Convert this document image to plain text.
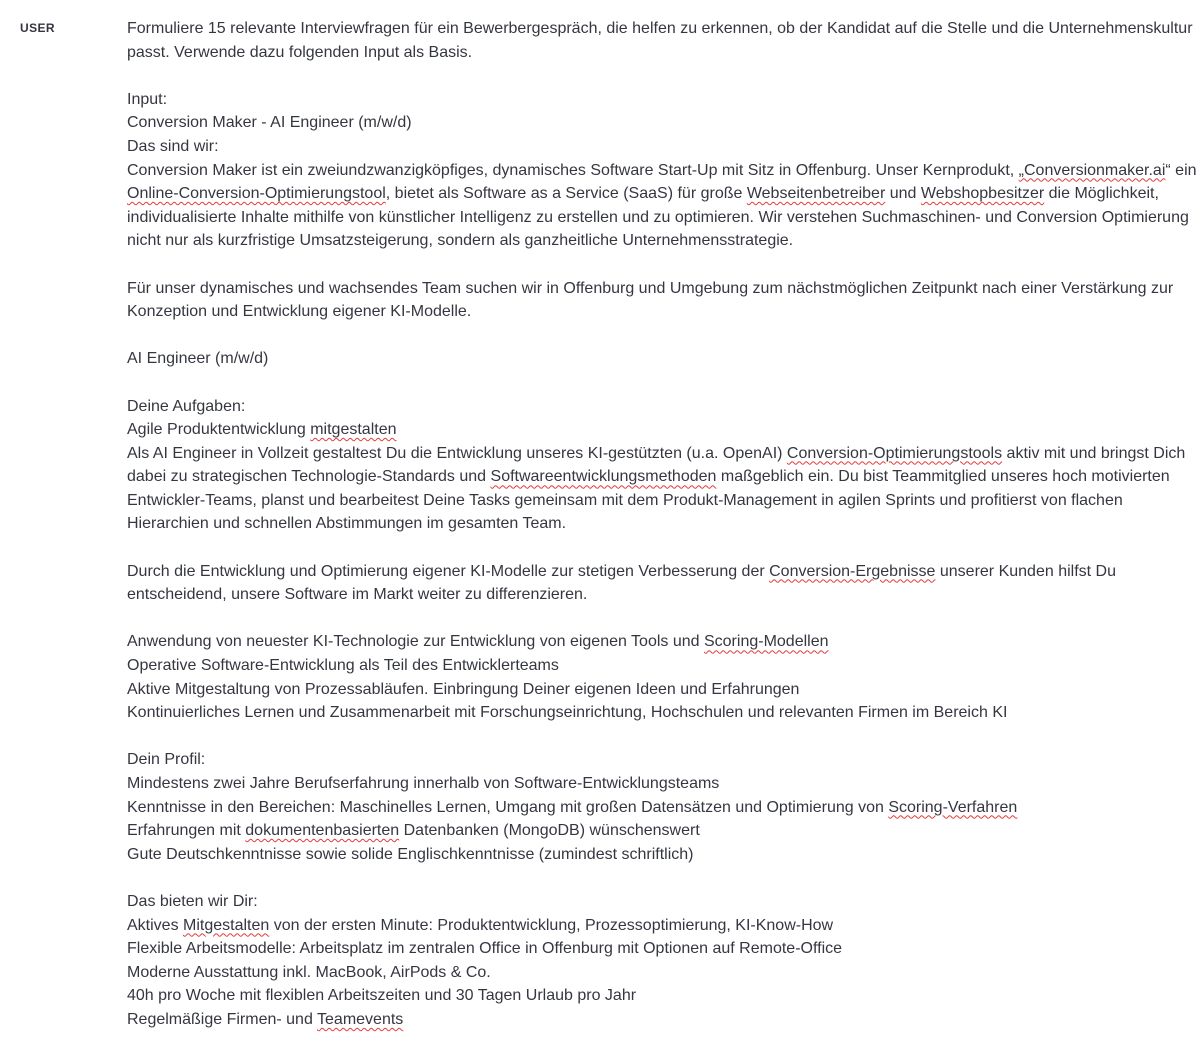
USER	Formuliere 15 relevante Interviewfragen für ein Bewerbergespräch, die helfen zu erkennen, ob der Kandidat auf die Stelle und die Unternehmenskultur
passt. Verwende dazu folgenden Input als Basis.
Input:
Conversion Maker - AI Engineer (m/w/d)
Das sind wir:
Conversion Maker ist ein zweiundzwanzigköpfiges, dynamisches Software Start-Up mit Sitz in Offenburg. Unser Kernprodukt, „Conversionmaker.ai“ ein
Online-Conversion-Optimierungstool, bietet als Software as a Service (SaaS) für große Webseitenbetreiber und Webshopbesitzer die Möglichkeit,
individualisierte Inhalte mithilfe von künstlicher Intelligenz zu erstellen und zu optimieren. Wir verstehen Suchmaschinen- und Conversion Optimierung
nicht nur als kurzfristige Umsatzsteigerung, sondern als ganzheitliche Unternehmensstrategie.
Für unser dynamisches und wachsendes Team suchen wir in Offenburg und Umgebung zum nächstmöglichen Zeitpunkt nach einer Verstärkung zur
Konzeption und Entwicklung eigener KI-Modelle.
AI Engineer (m/w/d)
Deine Aufgaben:
Agile Produktentwicklung mitgestalten
Als AI Engineer in Vollzeit gestaltest Du die Entwicklung unseres KI-gestützten (u.a. OpenAI) Conversion-Optimierungstools aktiv mit und bringst Dich
dabei zu strategischen Technologie-Standards und Softwareentwicklungsmethoden maßgeblich ein. Du bist Teammitglied unseres hoch motivierten
Entwickler-Teams, planst und bearbeitest Deine Tasks gemeinsam mit dem Produkt-Management in agilen Sprints und profitierst von flachen
Hierarchien und schnellen Abstimmungen im gesamten Team.
Durch die Entwicklung und Optimierung eigener KI-Modelle zur stetigen Verbesserung der Conversion-Ergebnisse unserer Kunden hilfst Du
entscheidend, unsere Software im Markt weiter zu differenzieren.
Anwendung von neuester KI-Technologie zur Entwicklung von eigenen Tools und Scoring-Modellen
Operative Software-Entwicklung als Teil des Entwicklerteams
Aktive Mitgestaltung von Prozessabläufen. Einbringung Deiner eigenen Ideen und Erfahrungen
Kontinuierliches Lernen und Zusammenarbeit mit Forschungseinrichtung, Hochschulen und relevanten Firmen im Bereich KI
Dein Profil:
Mindestens zwei Jahre Berufserfahrung innerhalb von Software-Entwicklungsteams
Kenntnisse in den Bereichen: Maschinelles Lernen, Umgang mit großen Datensätzen und Optimierung von Scoring-Verfahren
Erfahrungen mit dokumentenbasierten Datenbanken (MongoDB) wünschenswert
Gute Deutschkenntnisse sowie solide Englischkenntnisse (zumindest schriftlich)
Das bieten wir Dir:
Aktives Mitgestalten von der ersten Minute: Produktentwicklung, Prozessoptimierung, KI-Know-How
Flexible Arbeitsmodelle: Arbeitsplatz im zentralen Office in Offenburg mit Optionen auf Remote-Office
Moderne Ausstattung inkl. MacBook, AirPods & Co.
40h pro Woche mit flexiblen Arbeitszeiten und 30 Tagen Urlaub pro Jahr
Regelmäßige Firmen- und Teamevents
